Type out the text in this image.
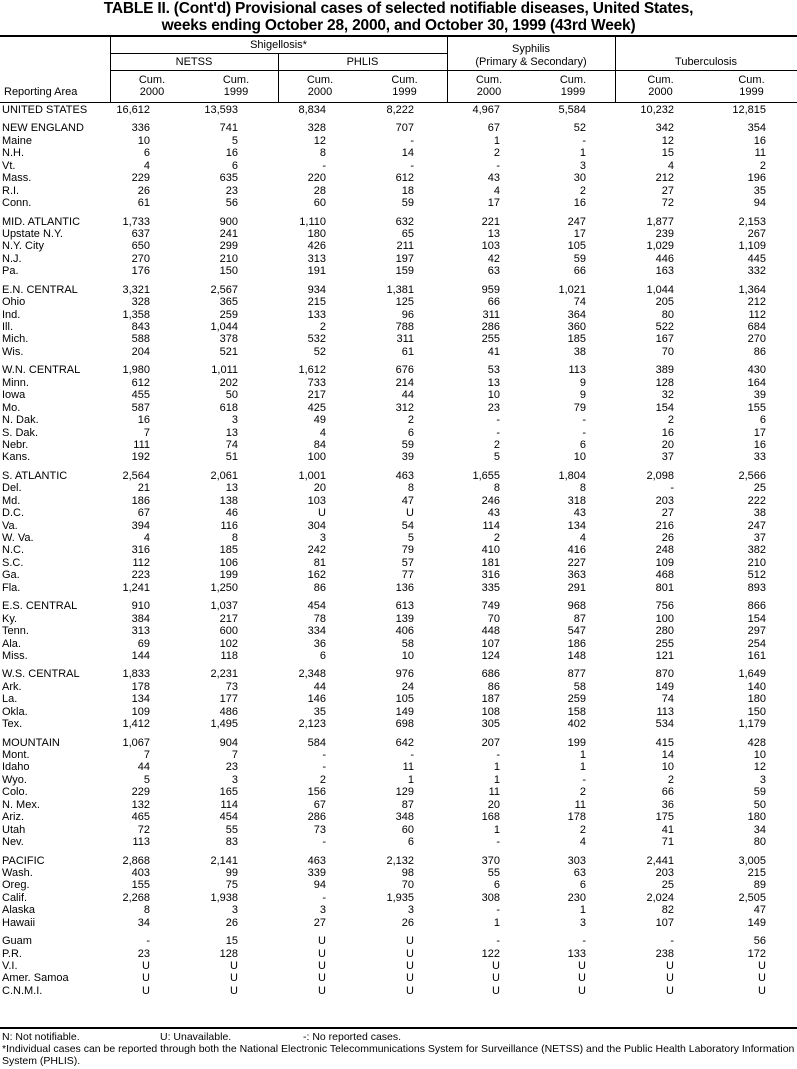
TABLE II. (Cont'd) Provisional cases of selected notifiable diseases, United States,
weeks ending October 28, 2000, and October 30, 1999 (43rd Week)
Shigellosis*
NETSS	PHLIS
Syphilis
(Primary & Secondary)	Tuberculosis
Reporting Area
Cum.
2000
Cum.
1999
Cum.
2000
Cum.
1999
Cum.
2000
Cum.
1999
Cum.
2000
Cum.
1999
UNITED STATES	16,612	13,593	8,834	8,222	4,967	5,584	10,232	12,815
NEW ENGLAND	336	741	328	707	67	52	342	354
Maine	10	5	12	-	1	-	12	16
N.H.	6	16	8	14	2	1	15	11
Vt.	4	6	-	-	-	3	4	2
Mass.	229	635	220	612	43	30	212	196
R.I.	26	23	28	18	4	2	27	35
Conn.	61	56	60	59	17	16	72	94
MID. ATLANTIC	1,733	900	1,110	632	221	247	1,877	2,153
Upstate N.Y.	637	241	180	65	13	17	239	267
N.Y. City	650	299	426	211	103	105	1,029	1,109
N.J.	270	210	313	197	42	59	446	445
Pa.	176	150	191	159	63	66	163	332
E.N. CENTRAL	3,321	2,567	934	1,381	959	1,021	1,044	1,364
Ohio	328	365	215	125	66	74	205	212
Ind.	1,358	259	133	96	311	364	80	112
Ill.	843	1,044	2	788	286	360	522	684
Mich.	588	378	532	311	255	185	167	270
Wis.	204	521	52	61	41	38	70	86
W.N. CENTRAL	1,980	1,011	1,612	676	53	113	389	430
Minn.	612	202	733	214	13	9	128	164
Iowa	455	50	217	44	10	9	32	39
Mo.	587	618	425	312	23	79	154	155
N. Dak.	16	3	49	2	-	-	2	6
S. Dak.	7	13	4	6	-	-	16	17
Nebr.	111	74	84	59	2	6	20	16
Kans.	192	51	100	39	5	10	37	33
S. ATLANTIC	2,564	2,061	1,001	463	1,655	1,804	2,098	2,566
Del.	21	13	20	8	8	8	-	25
Md.	186	138	103	47	246	318	203	222
D.C.	67	46	U	U	43	43	27	38
Va.	394	116	304	54	114	134	216	247
W. Va.	4	8	3	5	2	4	26	37
N.C.	316	185	242	79	410	416	248	382
S.C.	112	106	81	57	181	227	109	210
Ga.	223	199	162	77	316	363	468	512
Fla.	1,241	1,250	86	136	335	291	801	893
E.S. CENTRAL	910	1,037	454	613	749	968	756	866
Ky.	384	217	78	139	70	87	100	154
Tenn.	313	600	334	406	448	547	280	297
Ala.	69	102	36	58	107	186	255	254
Miss.	144	118	6	10	124	148	121	161
W.S. CENTRAL	1,833	2,231	2,348	976	686	877	870	1,649
Ark.	178	73	44	24	86	58	149	140
La.	134	177	146	105	187	259	74	180
Okla.	109	486	35	149	108	158	113	150
Tex.	1,412	1,495	2,123	698	305	402	534	1,179
MOUNTAIN	1,067	904	584	642	207	199	415	428
Mont.	7	7	-	-	-	1	14	10
Idaho	44	23	-	11	1	1	10	12
Wyo.	5	3	2	1	1	-	2	3
Colo.	229	165	156	129	11	2	66	59
N. Mex.	132	114	67	87	20	11	36	50
Ariz.	465	454	286	348	168	178	175	180
Utah	72	55	73	60	1	2	41	34
Nev.	113	83	-	6	-	4	71	80
PACIFIC	2,868	2,141	463	2,132	370	303	2,441	3,005
Wash.	403	99	339	98	55	63	203	215
Oreg.	155	75	94	70	6	6	25	89
Calif.	2,268	1,938	-	1,935	308	230	2,024	2,505
Alaska	8	3	3	3	-	1	82	47
Hawaii	34	26	27	26	1	3	107	149
Guam	-	15	U	U	-	-	-	56
P.R.	23	128	U	U	122	133	238	172
V.I.	U	U	U	U	U	U	U	U
Amer. Samoa	U	U	U	U	U	U	U	U
C.N.M.I.	U	U	U	U	U	U	U	U
N: Not notifiable.	U: Unavailable.	-: No reported cases.
*Individual cases can be reported through both the National Electronic Telecommunications System for Surveillance (NETSS) and the Public Health Laboratory Information System (PHLIS).
